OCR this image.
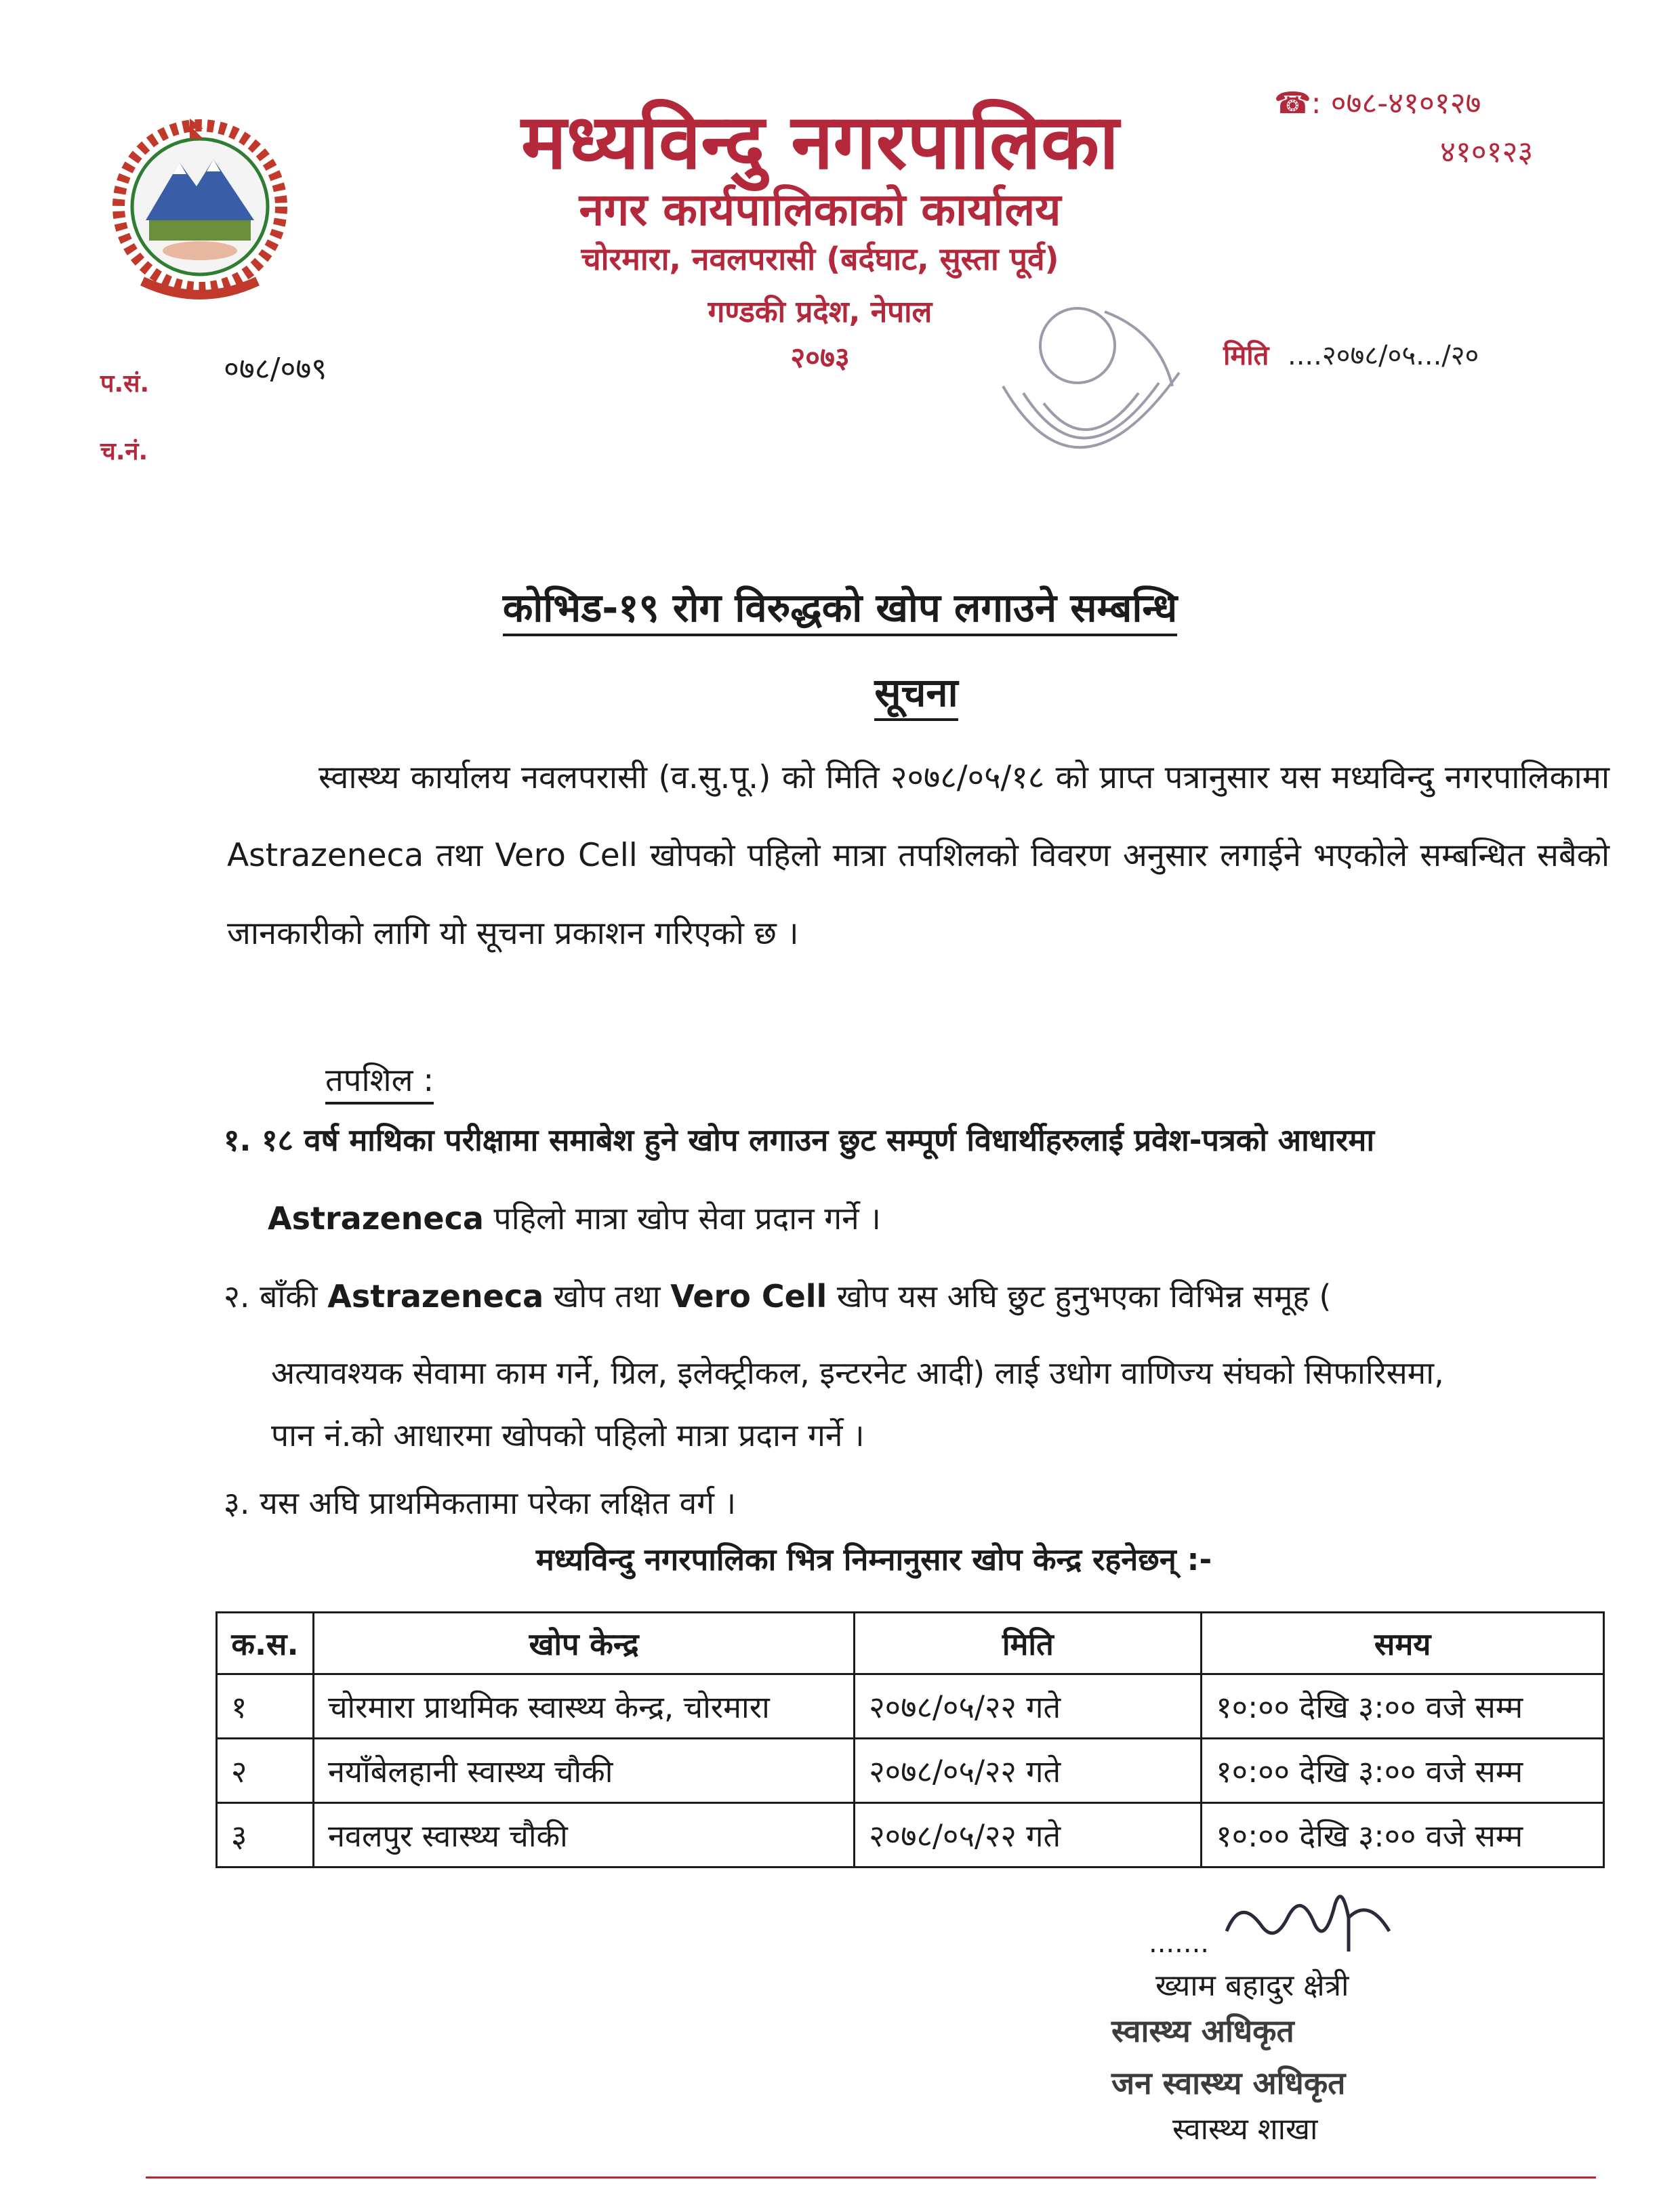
मध्यविन्दु नगरपालिका
नगर कार्यपालिकाको कार्यालय
चोरमारा, नवलपरासी (बर्दघाट, सुस्ता पूर्व)
गण्डकी प्रदेश, नेपाल
२०७३
☎: ०७८-४१०१२७
४१०१२३
प.सं. ०७८/०७९
च.नं.
मिति ....२०७८/०५.../२०
कोभिड-१९ रोग विरुद्धको खोप लगाउने सम्बन्धि
सूचना
स्वास्थ्य कार्यालय नवलपरासी (व.सु.पू.) को मिति २०७८/०५/१८ को प्राप्त पत्रानुसार यस मध्यविन्दु नगरपालिकामा Astrazeneca तथा Vero Cell खोपको पहिलो मात्रा तपशिलको विवरण अनुसार लगाईने भएकोले सम्बन्धित सबैको जानकारीको लागि यो सूचना प्रकाशन गरिएको छ ।
तपशिल :
१. १८ वर्ष माथिका परीक्षामा समाबेश हुने खोप लगाउन छुट सम्पूर्ण विधार्थीहरुलाई प्रवेश-पत्रको आधारमा
Astrazeneca पहिलो मात्रा खोप सेवा प्रदान गर्ने ।
२. बाँकी Astrazeneca खोप तथा Vero Cell खोप यस अघि छुट हुनुभएका विभिन्न समूह (
अत्यावश्यक सेवामा काम गर्ने, ग्रिल, इलेक्ट्रीकल, इन्टरनेट आदी) लाई उधोग वाणिज्य संघको सिफारिसमा,
पान नं.को आधारमा खोपको पहिलो मात्रा प्रदान गर्ने ।
३. यस अघि प्राथमिकतामा परेका लक्षित वर्ग ।
मध्यविन्दु नगरपालिका भित्र निम्नानुसार खोप केन्द्र रहनेछन् :-
क.स.	खोप केन्द्र	मिति	समय
१	चोरमारा प्राथमिक स्वास्थ्य केन्द्र, चोरमारा	२०७८/०५/२२ गते	१०:०० देखि ३:०० वजे सम्म
२	नयाँबेलहानी स्वास्थ्य चौकी	२०७८/०५/२२ गते	१०:०० देखि ३:०० वजे सम्म
३	नवलपुर स्वास्थ्य चौकी	२०७८/०५/२२ गते	१०:०० देखि ३:०० वजे सम्म
.......
ख्याम बहादुर क्षेत्री
स्वास्थ्य अधिकृत
जन स्वास्थ्य अधिकृत
स्वास्थ्य शाखा
